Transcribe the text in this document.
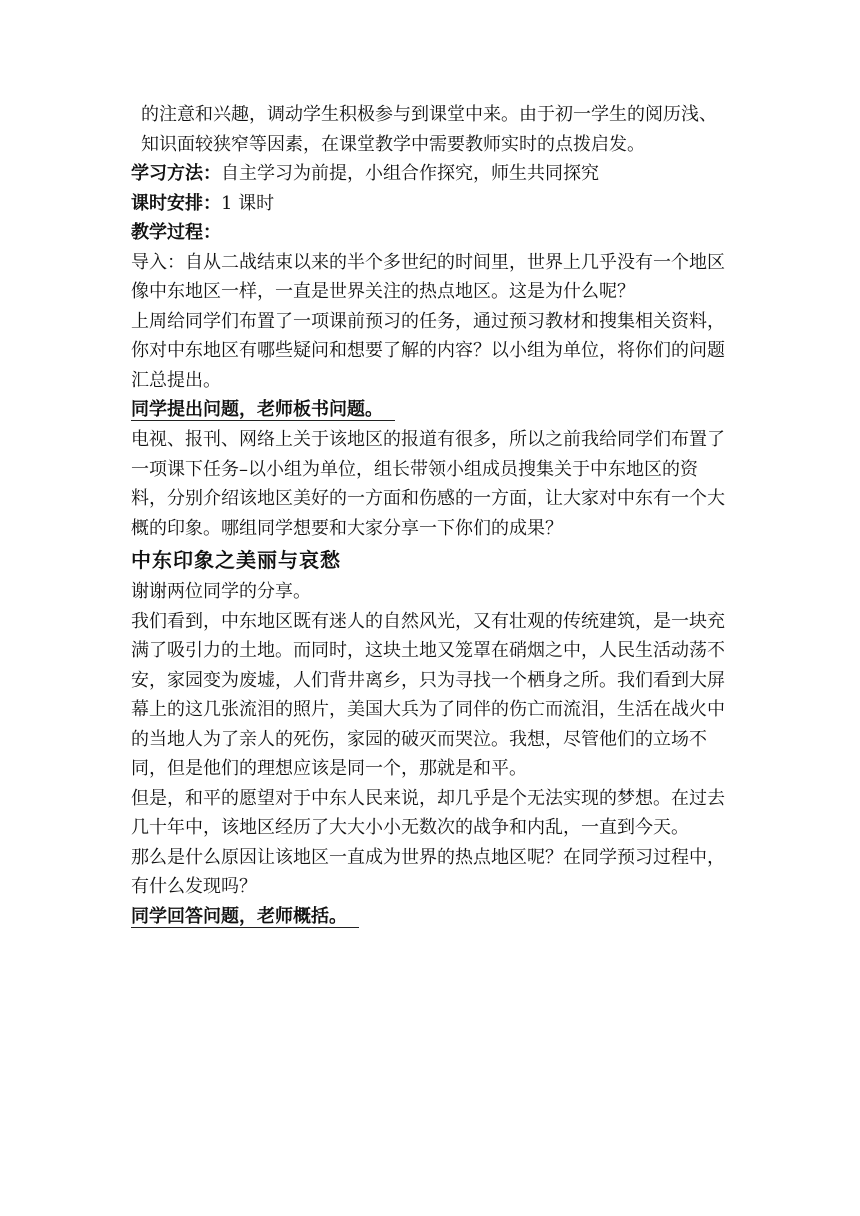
的注意和兴趣，调动学生积极参与到课堂中来。由于初一学生的阅历浅、知识面较狭窄等因素，在课堂教学中需要教师实时的点拨启发。

学习方法：自主学习为前提，小组合作探究，师生共同探究

课时安排：1 课时

教学过程：

导入：自从二战结束以来的半个多世纪的时间里，世界上几乎没有一个地区像中东地区一样，一直是世界关注的热点地区。这是为什么呢？

上周给同学们布置了一项课前预习的任务，通过预习教材和搜集相关资料，你对中东地区有哪些疑问和想要了解的内容？以小组为单位，将你们的问题汇总提出。

同学提出问题，老师板书问题。

电视、报刊、网络上关于该地区的报道有很多，所以之前我给同学们布置了一项课下任务–以小组为单位，组长带领小组成员搜集关于中东地区的资料，分别介绍该地区美好的一方面和伤感的一方面，让大家对中东有一个大概的印象。哪组同学想要和大家分享一下你们的成果？

中东印象之美丽与哀愁

谢谢两位同学的分享。

我们看到，中东地区既有迷人的自然风光，又有壮观的传统建筑，是一块充满了吸引力的土地。而同时，这块土地又笼罩在硝烟之中，人民生活动荡不安，家园变为废墟，人们背井离乡，只为寻找一个栖身之所。我们看到大屏幕上的这几张流泪的照片，美国大兵为了同伴的伤亡而流泪，生活在战火中的当地人为了亲人的死伤，家园的破灭而哭泣。我想，尽管他们的立场不同，但是他们的理想应该是同一个，那就是和平。

但是，和平的愿望对于中东人民来说，却几乎是个无法实现的梦想。在过去几十年中，该地区经历了大大小小无数次的战争和内乱，一直到今天。

那么是什么原因让该地区一直成为世界的热点地区呢？在同学预习过程中，有什么发现吗？

同学回答问题，老师概括。
